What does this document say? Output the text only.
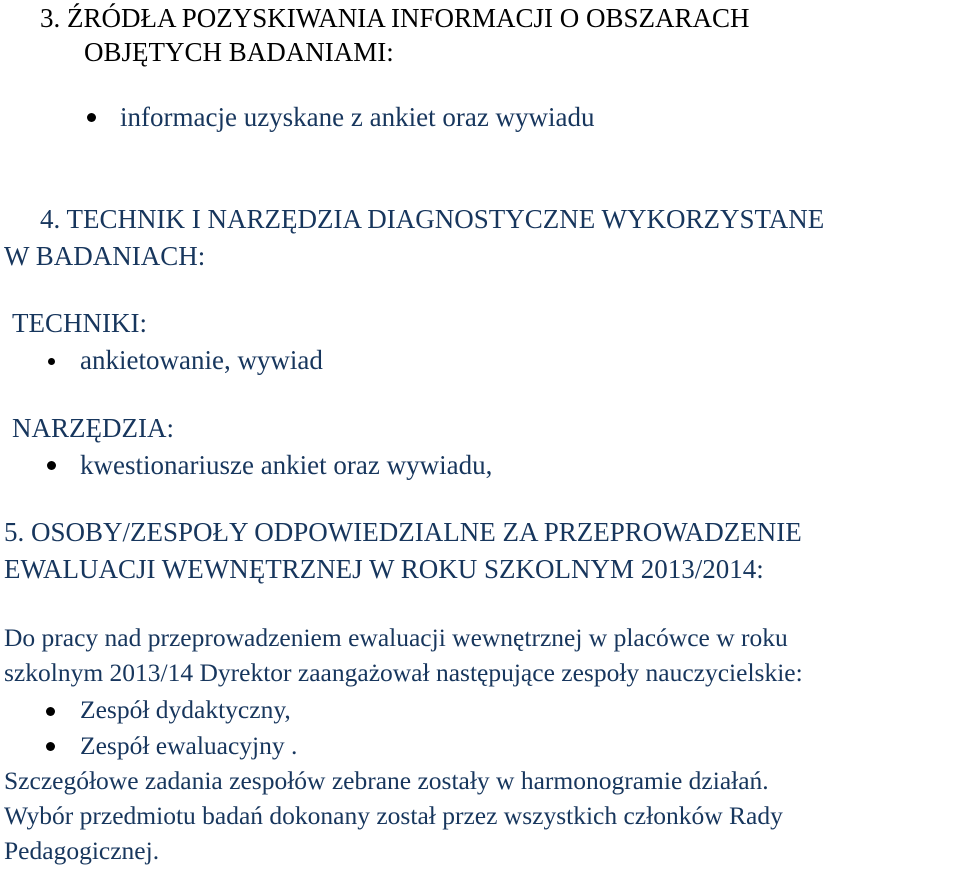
3. ŹRÓDŁA POZYSKIWANIA INFORMACJI O OBSZARACH
OBJĘTYCH BADANIAMI:
informacje uzyskane z ankiet oraz wywiadu
4. TECHNIK I NARZĘDZIA DIAGNOSTYCZNE WYKORZYSTANE
W BADANIACH:
TECHNIKI:
ankietowanie, wywiad
NARZĘDZIA:
kwestionariusze ankiet oraz wywiadu,
5. OSOBY/ZESPOŁY ODPOWIEDZIALNE ZA PRZEPROWADZENIE
EWALUACJI WEWNĘTRZNEJ W ROKU SZKOLNYM 2013/2014:
Do pracy nad przeprowadzeniem ewaluacji wewnętrznej w placówce w roku
szkolnym 2013/14 Dyrektor zaangażował następujące zespoły nauczycielskie:
Zespół dydaktyczny,
Zespół ewaluacyjny .
Szczegółowe zadania zespołów zebrane zostały w harmonogramie działań.
Wybór przedmiotu badań dokonany został przez wszystkich członków Rady
Pedagogicznej.
